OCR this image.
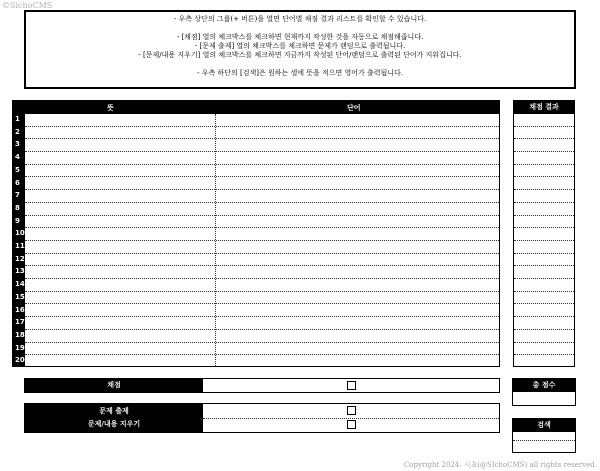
©SichoCMS
- 우측 상단의 그룹(+ 버튼)을 열면 단어별 채점 결과 리스트를 확인할 수 있습니다.
- [채점] 열의 체크박스를 체크하면 현재까지 작성한 것을 자동으로 채점해줍니다.
- [문제 출제] 열의 체크박스를 체크하면 문제가 랜덤으로 출력됩니다.
- [문제/내용 지우기] 열의 체크박스를 체크하면 지금까지 작성된 단어/랜덤으로 출력된 단어가 지워집니다.
- 우측 하단의 [검색]은 원하는 셀에 뜻을 적으면 영어가 출력됩니다.
뜻	단어
1
2
3
4
5
6
7
8
9
10
11
12
13
14
15
16
17
18
19
20
채점 결과
채점
문제 출제
문제/내용 지우기
총 점수
검색
Copyright 2024. 시쵸(@SIchoCMS) all rights reserved.
